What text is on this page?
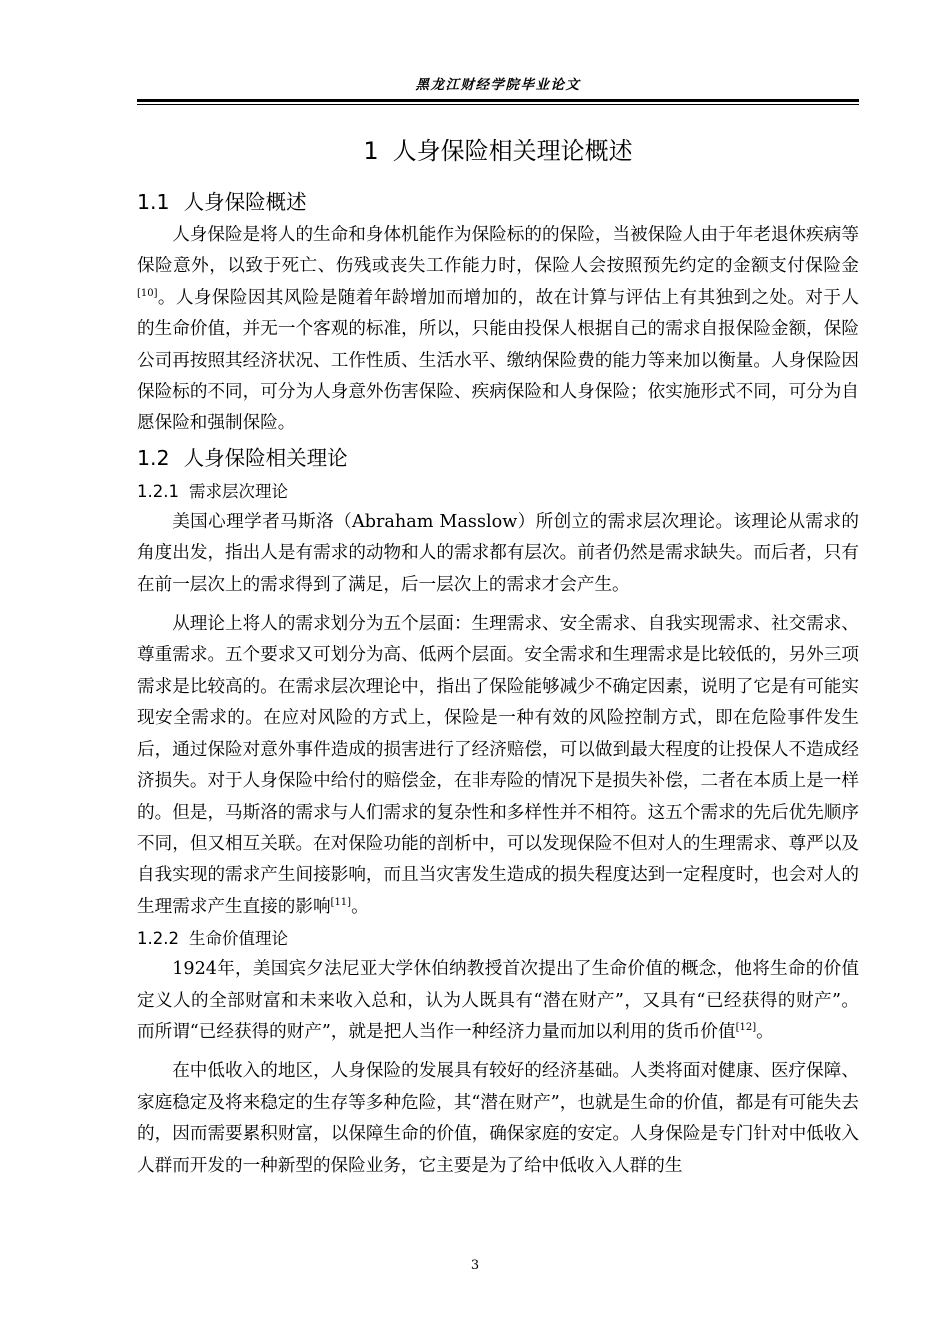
黑龙江财经学院毕业论文
1 人身保险相关理论概述
1.1 人身保险概述

人身保险是将人的生命和身体机能作为保险标的的保险，当被保险人由于年老退休疾病等保险意外，以致于死亡、伤残或丧失工作能力时，保险人会按照预先约定的金额支付保险金[10]。人身保险因其风险是随着年龄增加而增加的，故在计算与评估上有其独到之处。对于人的生命价值，并无一个客观的标准，所以，只能由投保人根据自己的需求自报保险金额，保险公司再按照其经济状况、工作性质、生活水平、缴纳保险费的能力等来加以衡量。人身保险因保险标的不同，可分为人身意外伤害保险、疾病保险和人身保险；依实施形式不同，可分为自愿保险和强制保险。

1.2 人身保险相关理论
1.2.1 需求层次理论

美国心理学者马斯洛（Abraham Masslow）所创立的需求层次理论。该理论从需求的角度出发，指出人是有需求的动物和人的需求都有层次。前者仍然是需求缺失。而后者，只有在前一层次上的需求得到了满足，后一层次上的需求才会产生。

从理论上将人的需求划分为五个层面：生理需求、安全需求、自我实现需求、社交需求、尊重需求。五个要求又可划分为高、低两个层面。安全需求和生理需求是比较低的，另外三项需求是比较高的。在需求层次理论中，指出了保险能够减少不确定因素，说明了它是有可能实现安全需求的。在应对风险的方式上，保险是一种有效的风险控制方式，即在危险事件发生后，通过保险对意外事件造成的损害进行了经济赔偿，可以做到最大程度的让投保人不造成经济损失。对于人身保险中给付的赔偿金，在非寿险的情况下是损失补偿，二者在本质上是一样的。但是，马斯洛的需求与人们需求的复杂性和多样性并不相符。这五个需求的先后优先顺序不同，但又相互关联。在对保险功能的剖析中，可以发现保险不但对人的生理需求、尊严以及自我实现的需求产生间接影响，而且当灾害发生造成的损失程度达到一定程度时，也会对人的生理需求产生直接的影响[11]。

1.2.2 生命价值理论

1924年，美国宾夕法尼亚大学休伯纳教授首次提出了生命价值的概念，他将生命的价值定义人的全部财富和未来收入总和，认为人既具有“潜在财产”，又具有“已经获得的财产”。而所谓“已经获得的财产”，就是把人当作一种经济力量而加以利用的货币价值[12]。

在中低收入的地区，人身保险的发展具有较好的经济基础。人类将面对健康、医疗保障、家庭稳定及将来稳定的生存等多种危险，其“潜在财产”，也就是生命的价值，都是有可能失去的，因而需要累积财富，以保障生命的价值，确保家庭的安定。人身保险是专门针对中低收入人群而开发的一种新型的保险业务，它主要是为了给中低收入人群的生

3
